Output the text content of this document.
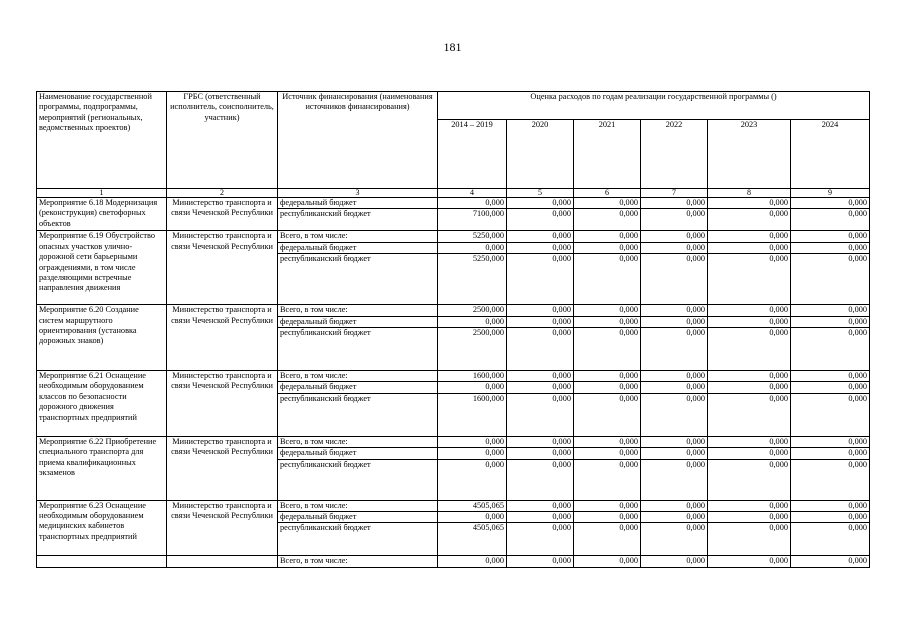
181
Наименование государственной программы, подпрограммы, мероприятий (региональных, ведомственных проектов)	ГРБС (ответственный исполнитель, соисполнитель, участник)	Источник финансирования (наименования источников финансирования)	Оценка расходов по годам реализации государственной программы ()					
			2014 – 2019	2020	2021	2022	2023	2024
1	2	3	4	5	6	7	8	9
Мероприятие 6.18 Модернизация (реконструкция) светофорных объектов	Министерство транспорта и связи Чеченской Республики	федеральный бюджет	0,000	0,000	0,000	0,000	0,000	0,000
		республиканский бюджет	7100,000	0,000	0,000	0,000	0,000	0,000
Мероприятие 6.19 Обустройство опасных участков улично-дорожной сети барьерными ограждениями, в том числе разделяющими встречные направления движения	Министерство транспорта и связи Чеченской Республики	Всего, в том числе:	5250,000	0,000	0,000	0,000	0,000	0,000
		федеральный бюджет	0,000	0,000	0,000	0,000	0,000	0,000
		республиканский бюджет	5250,000	0,000	0,000	0,000	0,000	0,000
Мероприятие 6.20 Создание систем маршрутного ориентирования (установка дорожных знаков)	Министерство транспорта и связи Чеченской Республики	Всего, в том числе:	2500,000	0,000	0,000	0,000	0,000	0,000
		федеральный бюджет	0,000	0,000	0,000	0,000	0,000	0,000
		республиканский бюджет	2500,000	0,000	0,000	0,000	0,000	0,000
Мероприятие 6.21 Оснащение необходимым оборудованием классов по безопасности дорожного движения транспортных предприятий	Министерство транспорта и связи Чеченской Республики	Всего, в том числе:	1600,000	0,000	0,000	0,000	0,000	0,000
		федеральный бюджет	0,000	0,000	0,000	0,000	0,000	0,000
		республиканский бюджет	1600,000	0,000	0,000	0,000	0,000	0,000
Мероприятие 6.22 Приобретение специального транспорта для приема квалификационных экзаменов	Министерство транспорта и связи Чеченской Республики	Всего, в том числе:	0,000	0,000	0,000	0,000	0,000	0,000
		федеральный бюджет	0,000	0,000	0,000	0,000	0,000	0,000
		республиканский бюджет	0,000	0,000	0,000	0,000	0,000	0,000
Мероприятие 6.23 Оснащение необходимым оборудованием медицинских кабинетов транспортных предприятий	Министерство транспорта и связи Чеченской Республики	Всего, в том числе:	4505,065	0,000	0,000	0,000	0,000	0,000
		федеральный бюджет	0,000	0,000	0,000	0,000	0,000	0,000
		республиканский бюджет	4505,065	0,000	0,000	0,000	0,000	0,000
		Всего, в том числе:	0,000	0,000	0,000	0,000	0,000	0,000
